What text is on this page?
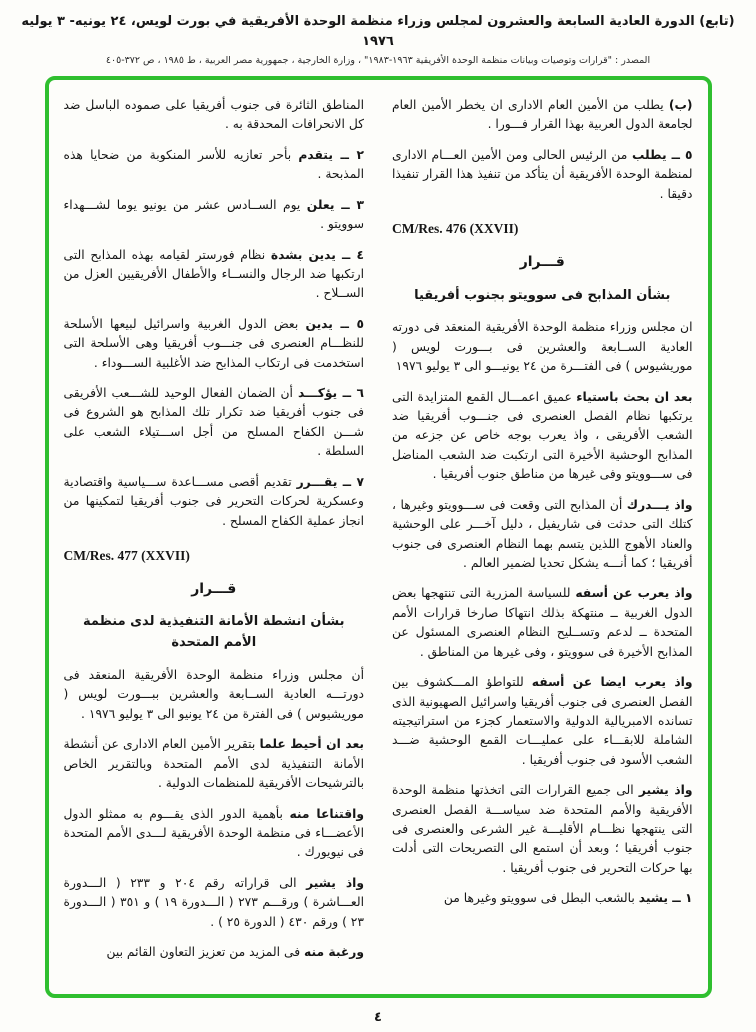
(تابع) الدورة العادية السابعة والعشرون لمجلس وزراء منظمة الوحدة الأفريقية في بورت لويس، ٢٤ يونيه- ٣ يوليه ١٩٧٦
المصدر : "قرارات وتوصيات وبيانات منظمة الوحدة الأفريقية ١٩٦٣-١٩٨٣" ، وزارة الخارجية ، جمهورية مصر العربية ، ط ١٩٨٥ ، ص ٣٧٢-٤٠٥

(ب) يطلب من الأمين العام الادارى ان يخطر الأمين العام لجامعة الدول العربية بهذا القرار فـــورا .

٥ ــ يطلب من الرئيس الحالى ومن الأمين العـــام الادارى لمنظمة الوحدة الأفريقية أن يتأكد من تنفيذ هذا القرار تنفيذا دقيقا .

CM/Res. 476 (XXVII)

قـــرار

بشأن المذابح فى سوويتو بجنوب أفريقيا

ان مجلس وزراء منظمة الوحدة الأفريقية المنعقد فى دورته العادية الســابعة والعشرين فى بـــورت لويس ( موريشيوس ) فى الفتـــرة من ٢٤ يونيـــو الى ٣ يوليو ١٩٧٦

بعد ان بحث باستياء عميق اعمـــال القمع المتزايدة التى يرتكبها نظام الفصل العنصرى فى جنـــوب أفريقيا ضد الشعب الأفريقى ، واذ يعرب بوجه خاص عن جزعه من المذابح الوحشية الأخيرة التى ارتكبت ضد الشعب المناضل فى ســـوويتو وفى غيرها من مناطق جنوب أفريقيا .

واذ يـــدرك أن المذابح التى وقعت فى ســـوويتو وغيرها ، كتلك التى حدثت فى شاريفيل ، دليل آخـــر على الوحشية والعناد الأهوج اللذين يتسم بهما النظام العنصرى فى جنوب أفريقيا ؛ كما أنـــه يشكل تحديا لضمير العالم .

واذ يعرب عن أسفه للسياسة المزرية التى تنتهجها بعض الدول الغربية ــ منتهكة بذلك انتهاكا صارخا قرارات الأمم المتحدة ــ لدعم وتســليح النظام العنصرى المسئول عن المذابح الأخيرة فى سوويتو ، وفى غيرها من المناطق .

واذ يعرب ايضا عن أسفه للتواطؤ المـــكشوف بين الفصل العنصرى فى جنوب أفريقيا واسرائيل الصهيونية الذى تسانده الامبريالية الدولية والاستعمار كجزء من استراتيجيته الشاملة للابقـــاء على عمليـــات القمع الوحشية ضـــد الشعب الأسود فى جنوب أفريقيا .

واذ يشير الى جميع القرارات التى اتخذتها منظمة الوحدة الأفريقية والأمم المتحدة ضد سياســـة الفصل العنصرى التى ينتهجها نظـــام الأقليـــة غير الشرعى والعنصرى فى جنوب أفريقيا ؛ وبعد أن استمع الى التصريحات التى أدلت بها حركات التحرير فى جنوب أفريقيا .

١ ــ يشيد بالشعب البطل فى سوويتو وغيرها من

المناطق الثائرة فى جنوب أفريقيا على صموده الباسل ضد كل الانحرافات المحدقة به .

٢ ــ يتقدم بأحر تعازيه للأسر المنكوبة من ضحايا هذه المذبحة .

٣ ــ يعلن يوم الســادس عشر من يونيو يوما لشـــهداء سوويتو .

٤ ــ يدين بشدة نظام فورستر لقيامه بهذه المذابح التى ارتكبها ضد الرجال والنســاء والأطفال الأفريقيين العزل من الســلاح .

٥ ــ يدين بعض الدول الغربية واسرائيل لبيعها الأسلحة للنظـــام العنصرى فى جنـــوب أفريقيا وهى الأسلحة التى استخدمت فى ارتكاب المذابح ضد الأغلبية الســـوداء .

٦ ــ يؤكـــد أن الضمان الفعال الوحيد للشـــعب الأفريقى فى جنوب أفريقيا ضد تكرار تلك المذابح هو الشروع فى شـــن الكفاح المسلح من أجل اســـتيلاء الشعب على السلطة .

٧ ــ يقـــرر تقديم أقصى مســـاعدة ســـياسية واقتصادية وعسكرية لحركات التحرير فى جنوب أفريقيا لتمكينها من انجاز عملية الكفاح المسلح .

CM/Res. 477 (XXVII)

قـــرار

بشأن انشطة الأمانة التنفيذية لدى منظمة الأمم المتحدة

أن مجلس وزراء منظمة الوحدة الأفريقية المنعقد فى دورتـــه العادية الســابعة والعشرين ببـــورت لويس ( موريشيوس ) فى الفترة من ٢٤ يونيو الى ٣ يوليو ١٩٧٦ .

بعد ان أحيط علما بتقرير الأمين العام الادارى عن أنشطة الأمانة التنفيذية لدى الأمم المتحدة وبالتقرير الخاص بالترشيحات الأفريقية للمنظمات الدولية .

واقتناعا منه بأهمية الدور الذى يقـــوم به ممثلو الدول الأعضـــاء فى منظمة الوحدة الأفريقية لـــدى الأمم المتحدة فى نيويورك .

واذ يشير الى قراراته رقم ٢٠٤ و ٢٣٣ ( الـــدورة العـــاشرة ) ورقـــم ٢٧٣ ( الـــدورة ١٩ ) و ٣٥١ ( الـــدورة ٢٣ ) ورقم ٤٣٠ ( الدورة ٢٥ ) .

ورغبة منه فى المزيد من تعزيز التعاون القائم بين

٤
